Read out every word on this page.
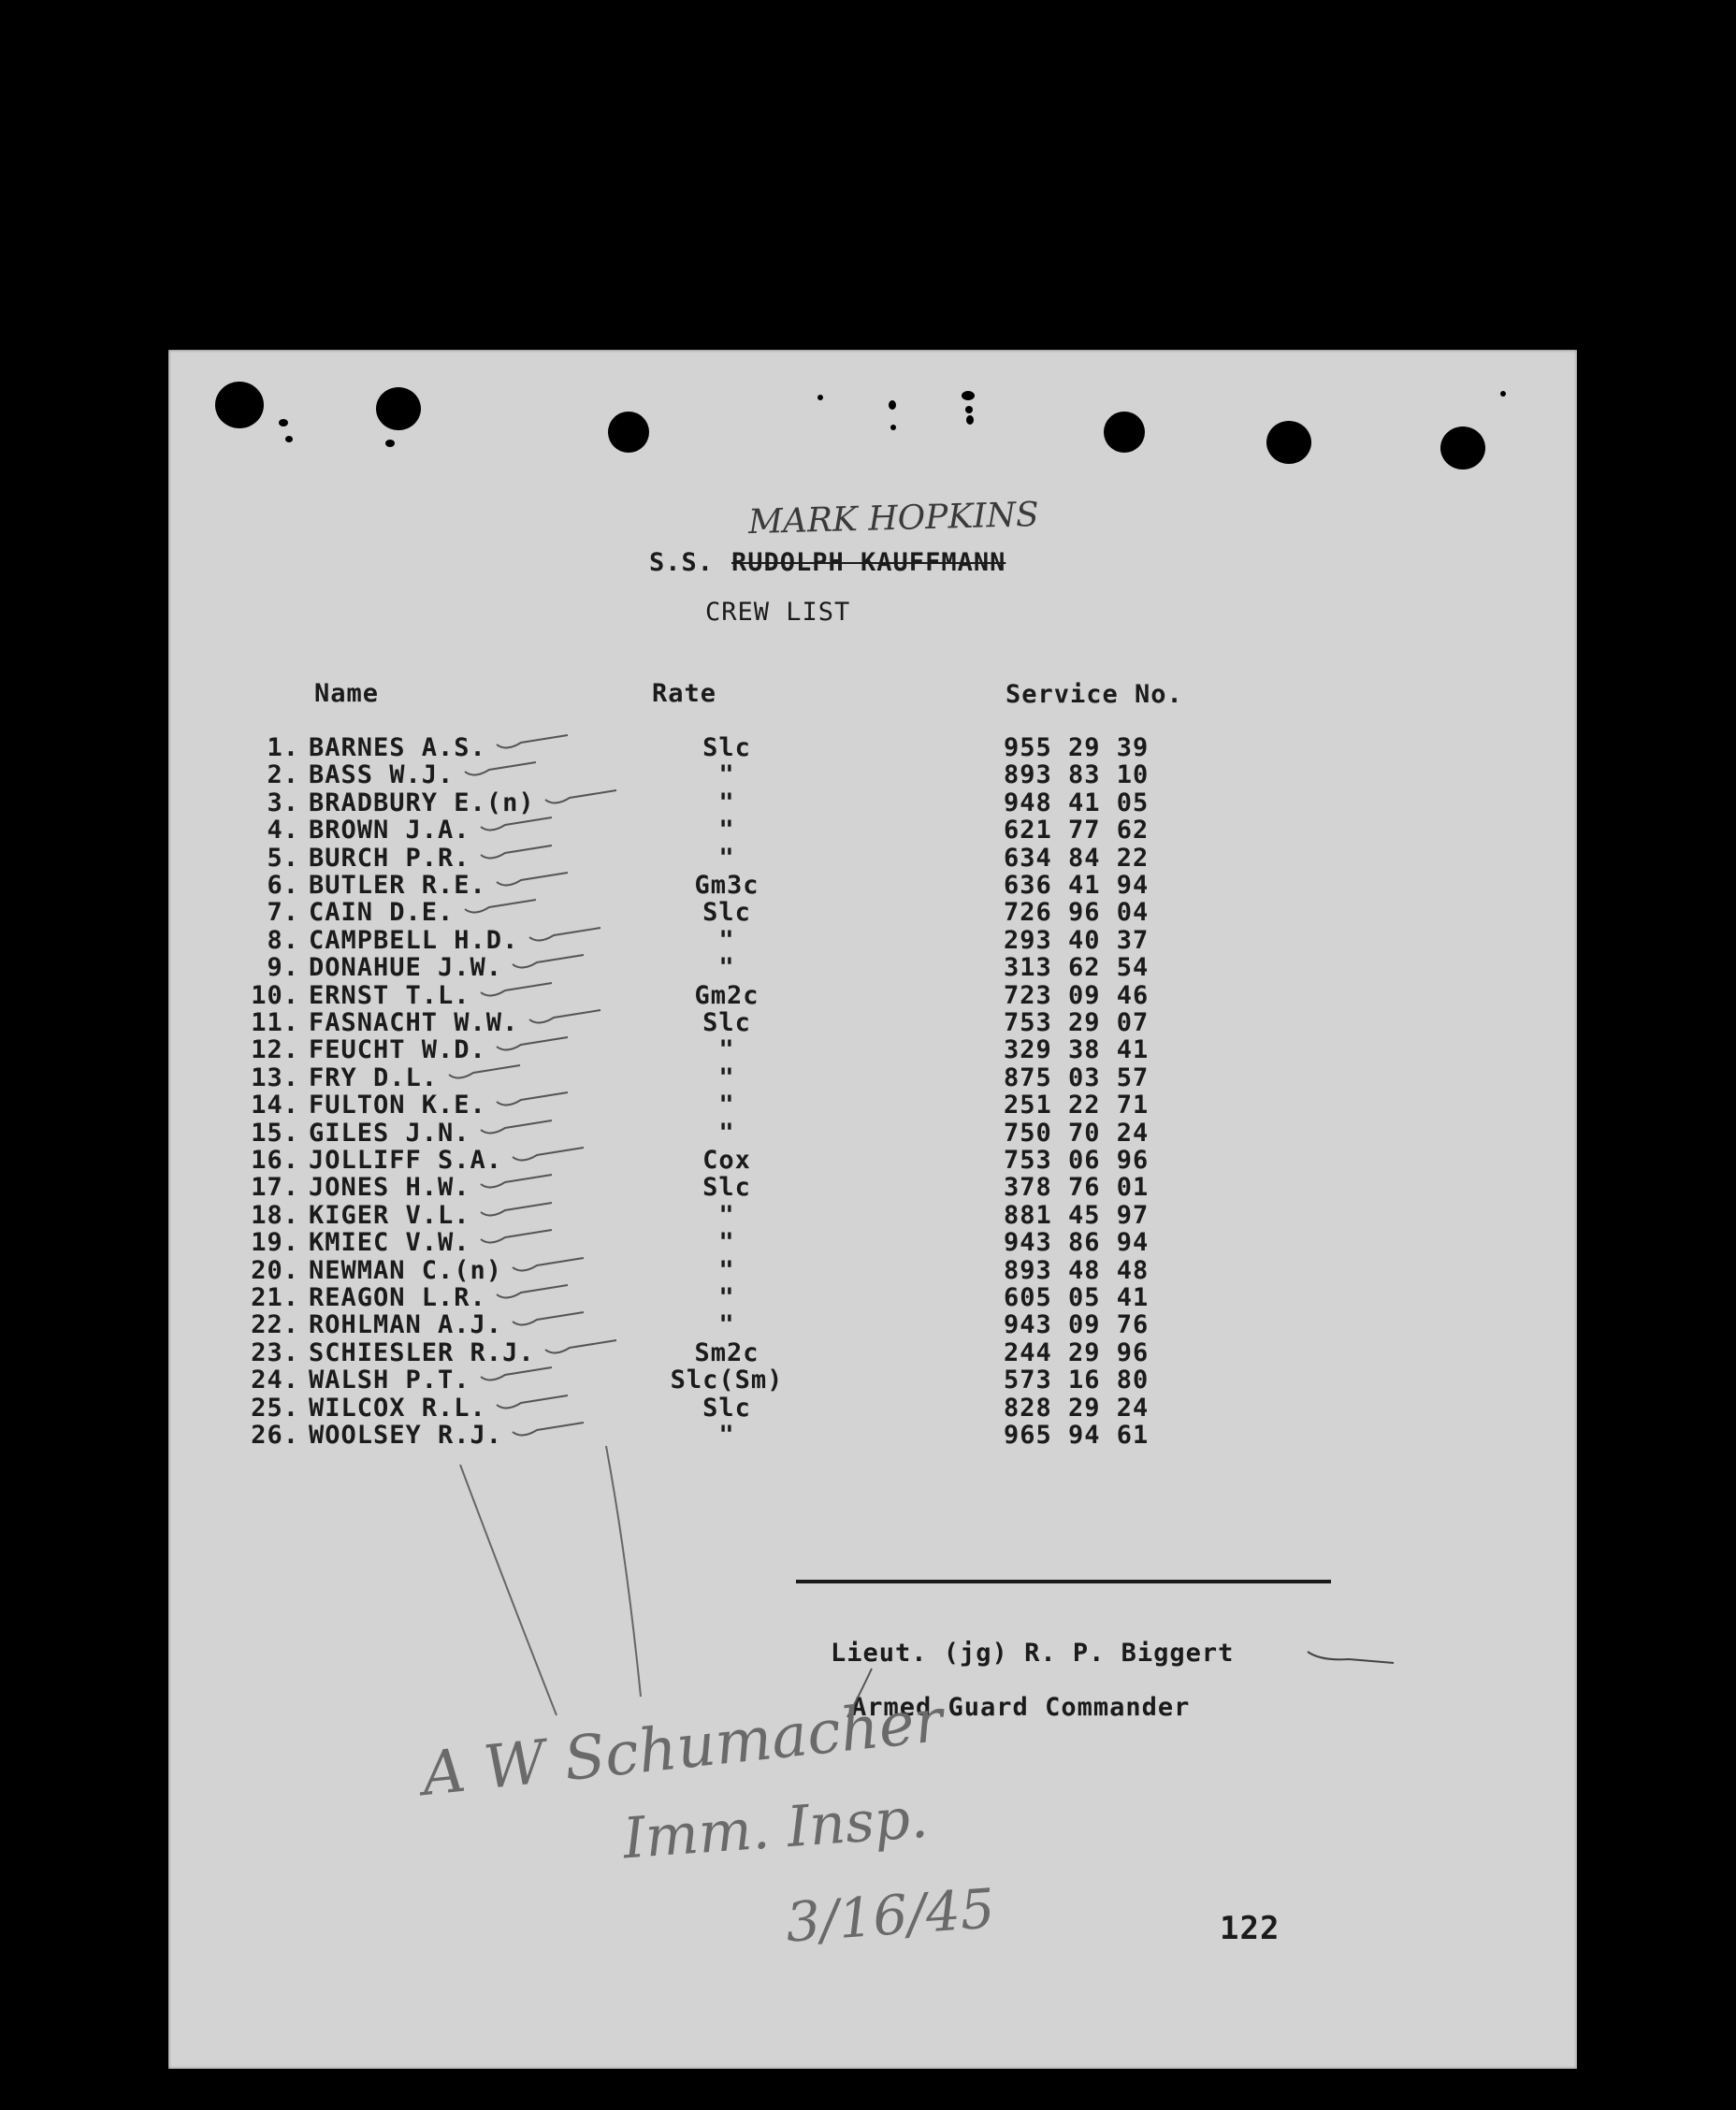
MARK HOPKINS
S.S. RUDOLPH KAUFFMANN
CREW LIST
Name	Rate	Service No.
1. BARNES A.S.	Slc	955 29 39
2. BASS W.J.	"	893 83 10
3. BRADBURY E.(n)	"	948 41 05
4. BROWN J.A.	"	621 77 62
5. BURCH P.R.	"	634 84 22
6. BUTLER R.E.	Gm3c	636 41 94
7. CAIN D.E.	Slc	726 96 04
8. CAMPBELL H.D.	"	293 40 37
9. DONAHUE J.W.	"	313 62 54
10. ERNST T.L.	Gm2c	723 09 46
11. FASNACHT W.W.	Slc	753 29 07
12. FEUCHT W.D.	"	329 38 41
13. FRY D.L.	"	875 03 57
14. FULTON K.E.	"	251 22 71
15. GILES J.N.	"	750 70 24
16. JOLLIFF S.A.	Cox	753 06 96
17. JONES H.W.	Slc	378 76 01
18. KIGER V.L.	"	881 45 97
19. KMIEC V.W.	"	943 86 94
20. NEWMAN C.(n)	"	893 48 48
21. REAGON L.R.	"	605 05 41
22. ROHLMAN A.J.	"	943 09 76
23. SCHIESLER R.J.	Sm2c	244 29 96
24. WALSH P.T.	Slc(Sm)	573 16 80
25. WILCOX R.L.	Slc	828 29 24
26. WOOLSEY R.J.	"	965 94 61
Lieut. (jg) R. P. Biggert
Armed Guard Commander
A W Schumacher
Imm. Insp.
3/16/45	122
